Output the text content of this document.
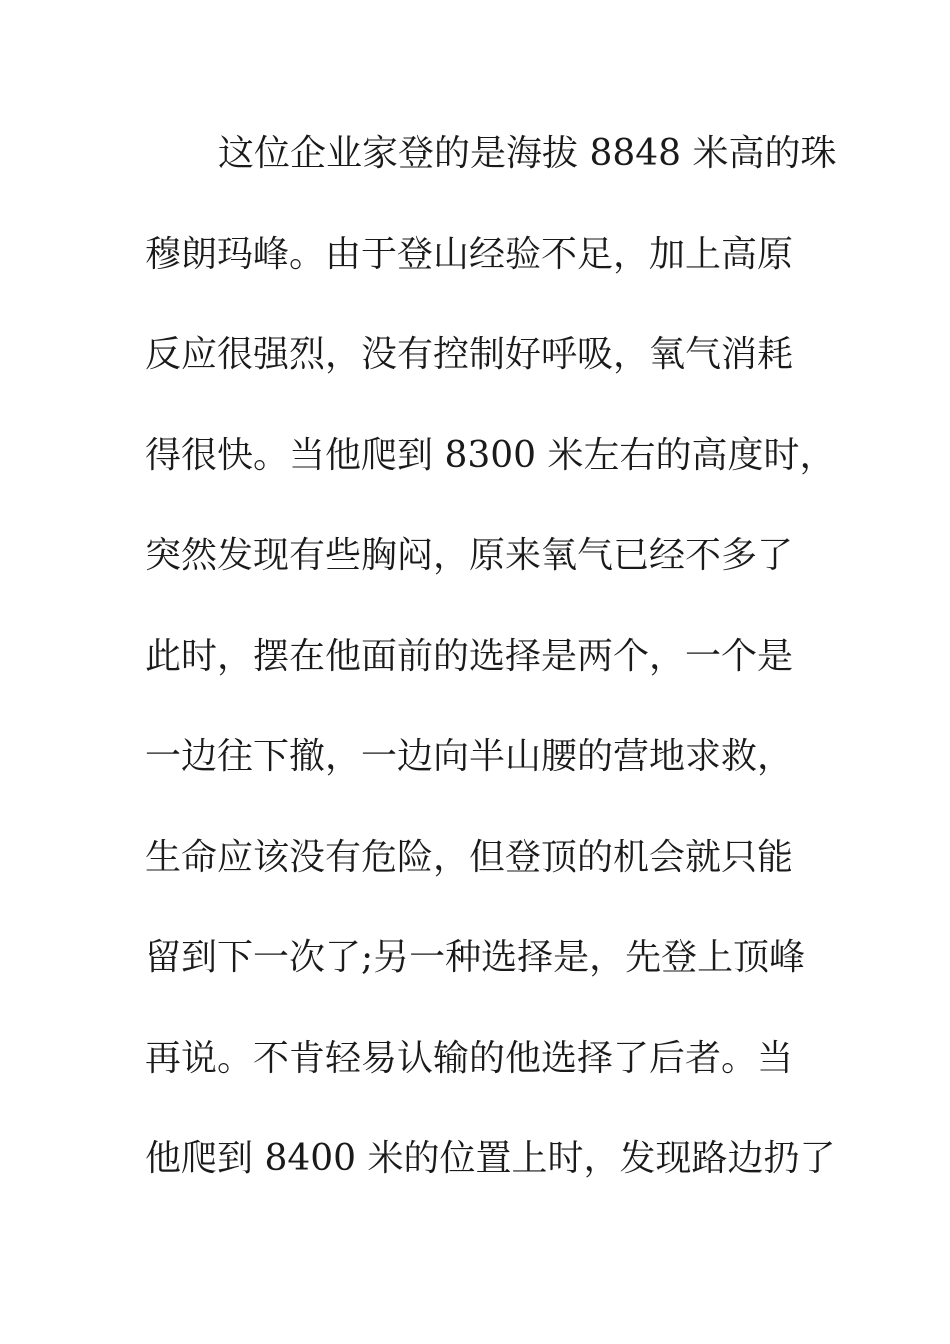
这位企业家登的是海拔 8848 米高的珠
穆朗玛峰。由于登山经验不足，加上高原
反应很强烈，没有控制好呼吸，氧气消耗
得很快。当他爬到 8300 米左右的高度时，
突然发现有些胸闷，原来氧气已经不多了
此时，摆在他面前的选择是两个，一个是
一边往下撤，一边向半山腰的营地求救，
生命应该没有危险，但登顶的机会就只能
留到下一次了;另一种选择是，先登上顶峰
再说。不肯轻易认输的他选择了后者。当
他爬到 8400 米的位置上时，发现路边扔了
